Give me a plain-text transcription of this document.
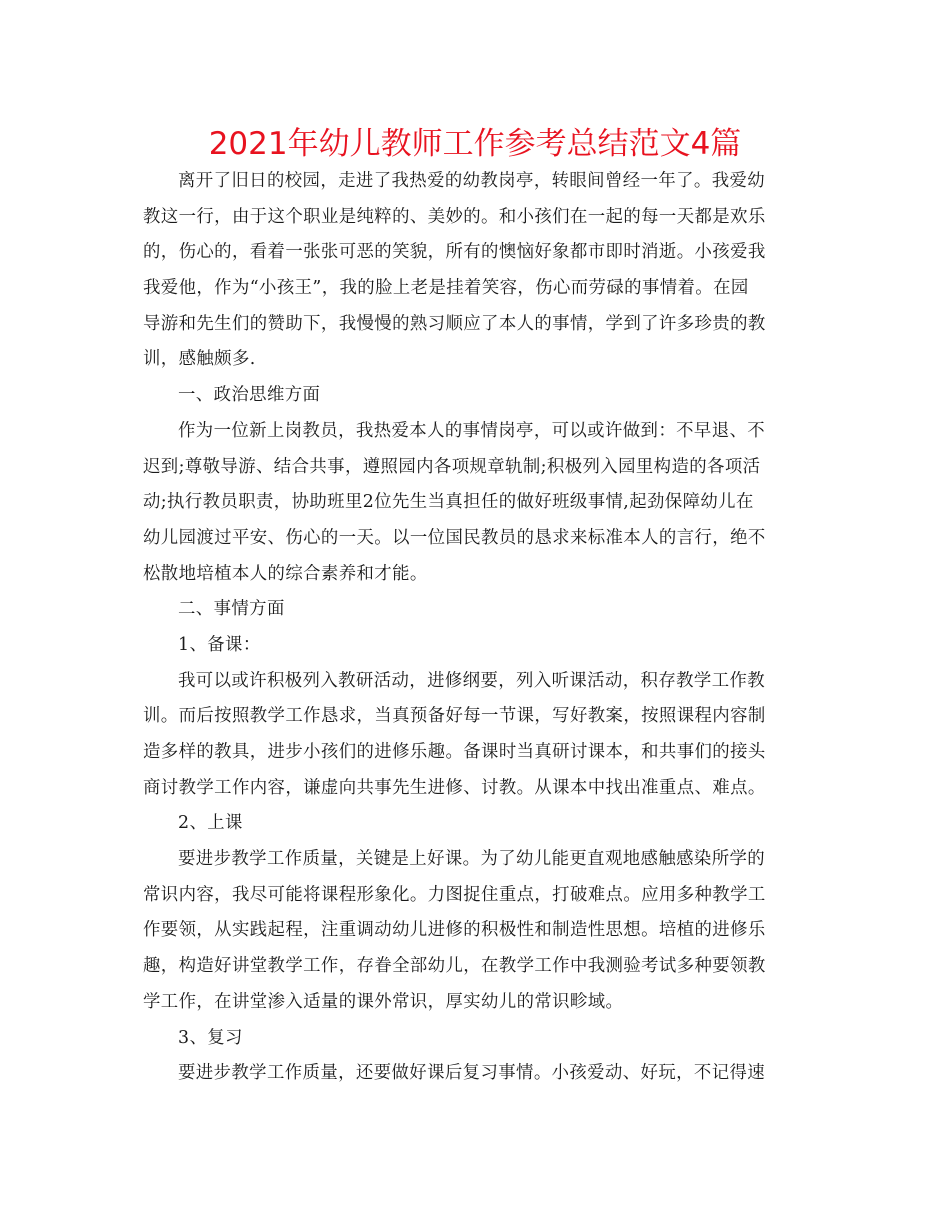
2021年幼儿教师工作参考总结范文4篇
离开了旧日的校园，走进了我热爱的幼教岗亭，转眼间曾经一年了。我爱幼
教这一行，由于这个职业是纯粹的、美妙的。和小孩们在一起的每一天都是欢乐
的，伤心的，看着一张张可恶的笑貌，所有的懊恼好象都市即时消逝。小孩爱我
我爱他，作为“小孩王”，我的脸上老是挂着笑容，伤心而劳碌的事情着。在园
导游和先生们的赞助下，我慢慢的熟习顺应了本人的事情，学到了许多珍贵的教
训，感触颇多.
一、政治思维方面
作为一位新上岗教员，我热爱本人的事情岗亭，可以或许做到：不早退、不
迟到;尊敬导游、结合共事，遵照园内各项规章轨制;积极列入园里构造的各项活
动;执行教员职责，协助班里2位先生当真担任的做好班级事情,起劲保障幼儿在
幼儿园渡过平安、伤心的一天。以一位国民教员的恳求来标准本人的言行，绝不
松散地培植本人的综合素养和才能。
二、事情方面
1、备课：
我可以或许积极列入教研活动，进修纲要，列入听课活动，积存教学工作教
训。而后按照教学工作恳求，当真预备好每一节课，写好教案，按照课程内容制
造多样的教具，进步小孩们的进修乐趣。备课时当真研讨课本，和共事们的接头
商讨教学工作内容，谦虚向共事先生进修、讨教。从课本中找出准重点、难点。
2、上课
要进步教学工作质量，关键是上好课。为了幼儿能更直观地感触感染所学的
常识内容，我尽可能将课程形象化。力图捉住重点，打破难点。应用多种教学工
作要领，从实践起程，注重调动幼儿进修的积极性和制造性思想。培植的进修乐
趣，构造好讲堂教学工作，存眷全部幼儿，在教学工作中我测验考试多种要领教
学工作，在讲堂渗入适量的课外常识，厚实幼儿的常识畛域。
3、复习
要进步教学工作质量，还要做好课后复习事情。小孩爱动、好玩，不记得速
